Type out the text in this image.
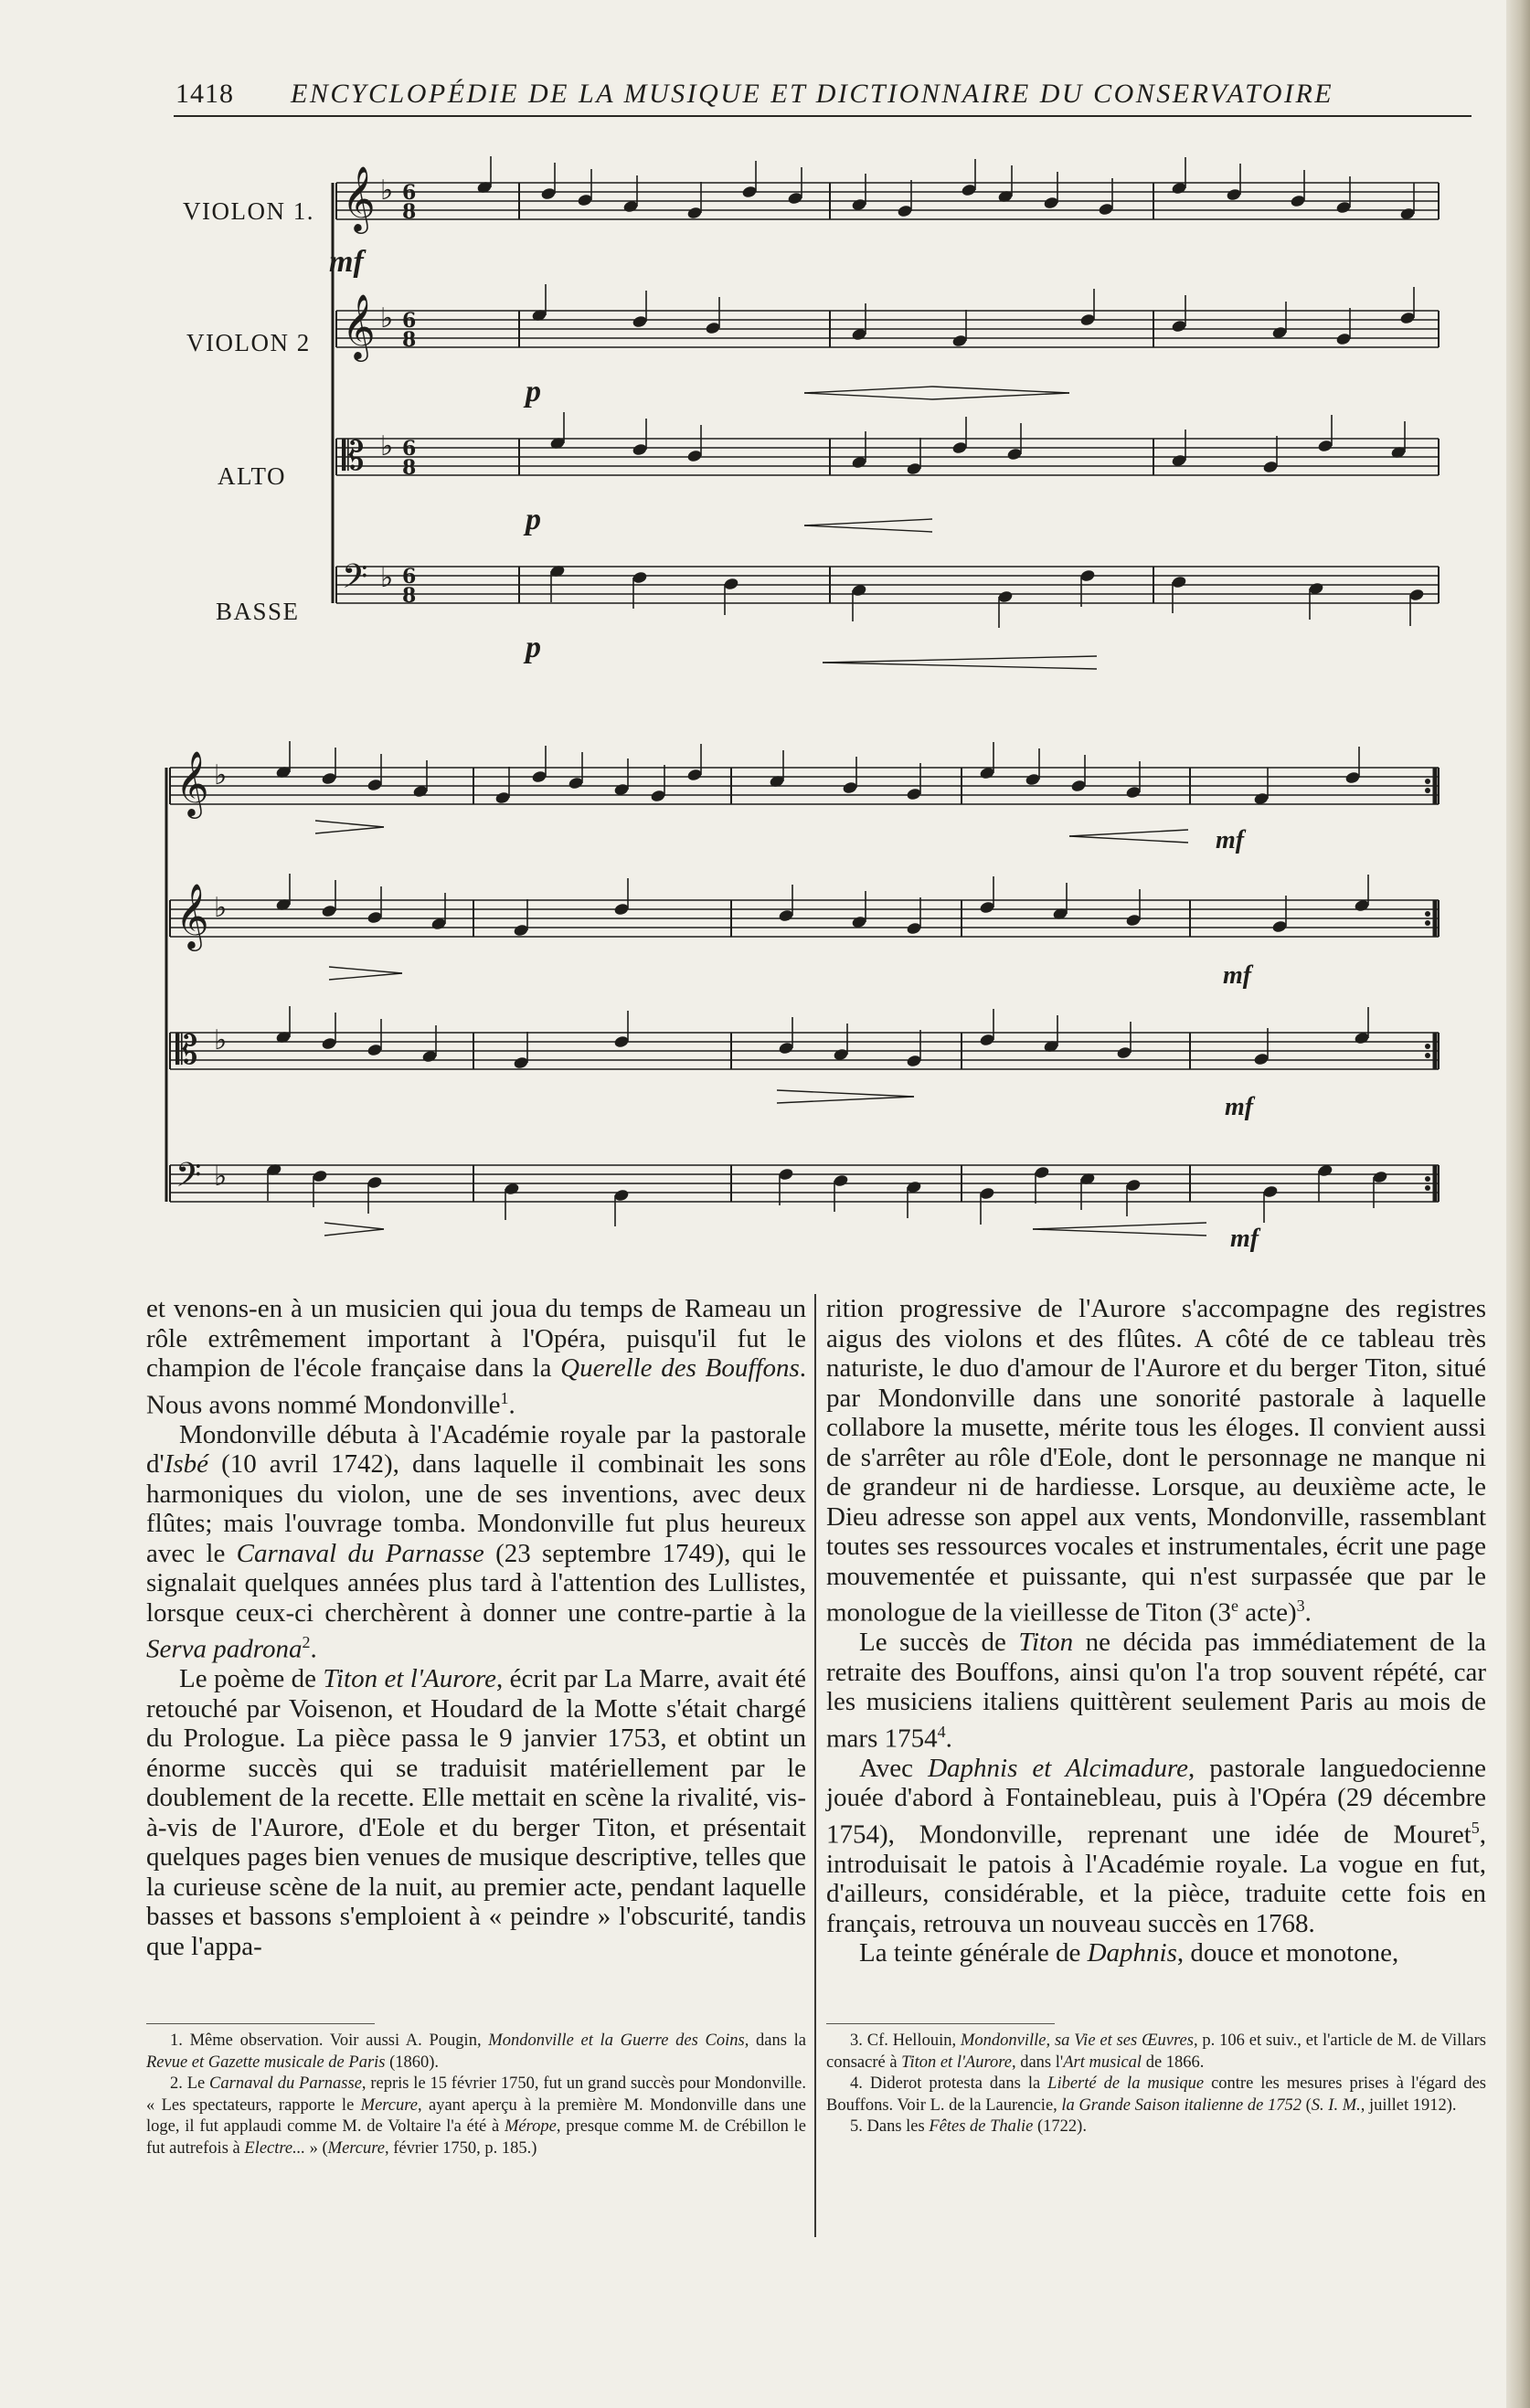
1418 ENCYCLOPÉDIE DE LA MUSIQUE ET DICTIONNAIRE DU CONSERVATOIRE
VIOLON 1.
VIOLON 2
ALTO
BASSE
mf
p
p
p
mf
mf
mf
mf
𝄞 ♭ 6
8
𝄞 ♭ 6
8
𝄡 ♭ 6
8
𝄢 ♭ 6
8
𝄞 ♭
𝄞 ♭
𝄡 ♭
𝄢 ♭

et venons-en à un musicien qui joua du temps de Rameau un rôle extrêmement important à l'Opéra, puisqu'il fut le champion de l'école française dans la Querelle des Bouffons. Nous avons nommé Mondonville$^1$.

Mondonville débuta à l'Académie royale par la pastorale d'Isbé (10 avril 1742), dans laquelle il combinait les sons harmoniques du violon, une de ses inventions, avec deux flûtes; mais l'ouvrage tomba. Mondonville fut plus heureux avec le Carnaval du Parnasse (23 septembre 1749), qui le signalait quelques années plus tard à l'attention des Lullistes, lorsque ceux-ci cherchèrent à donner une contre-partie à la Serva padrona$^2$.

Le poème de Titon et l'Aurore, écrit par La Marre, avait été retouché par Voisenon, et Houdard de la Motte s'était chargé du Prologue. La pièce passa le 9 janvier 1753, et obtint un énorme succès qui se traduisit matériellement par le doublement de la recette. Elle mettait en scène la rivalité, vis-à-vis de l'Aurore, d'Eole et du berger Titon, et présentait quelques pages bien venues de musique descriptive, telles que la curieuse scène de la nuit, au premier acte, pendant laquelle basses et bassons s'emploient à « peindre » l'obscurité, tandis que l'appa-

rition progressive de l'Aurore s'accompagne des registres aigus des violons et des flûtes. A côté de ce tableau très naturiste, le duo d'amour de l'Aurore et du berger Titon, situé par Mondonville dans une sonorité pastorale à laquelle collabore la musette, mérite tous les éloges. Il convient aussi de s'arrêter au rôle d'Eole, dont le personnage ne manque ni de grandeur ni de hardiesse. Lorsque, au deuxième acte, le Dieu adresse son appel aux vents, Mondonville, rassemblant toutes ses ressources vocales et instrumentales, écrit une page mouvementée et puissante, qui n'est surpassée que par le monologue de la vieillesse de Titon (3e acte)$^3$.

Le succès de Titon ne décida pas immédiatement de la retraite des Bouffons, ainsi qu'on l'a trop souvent répété, car les musiciens italiens quittèrent seulement Paris au mois de mars 1754$^4$.

Avec Daphnis et Alcimadure, pastorale languedocienne jouée d'abord à Fontainebleau, puis à l'Opéra (29 décembre 1754), Mondonville, reprenant une idée de Mouret$^5$, introduisait le patois à l'Académie royale. La vogue en fut, d'ailleurs, considérable, et la pièce, traduite cette fois en français, retrouva un nouveau succès en 1768.

La teinte générale de Daphnis, douce et monotone,

1. Même observation. Voir aussi A. Pougin, Mondonville et la Guerre des Coins, dans la Revue et Gazette musicale de Paris (1860).

2. Le Carnaval du Parnasse, repris le 15 février 1750, fut un grand succès pour Mondonville. « Les spectateurs, rapporte le Mercure, ayant aperçu à la première M. Mondonville dans une loge, il fut applaudi comme M. de Voltaire l'a été à Mérope, presque comme M. de Crébillon le fut autrefois à Electre... » (Mercure, février 1750, p. 185.)

3. Cf. Hellouin, Mondonville, sa Vie et ses Œuvres, p. 106 et suiv., et l'article de M. de Villars consacré à Titon et l'Aurore, dans l'Art musical de 1866.

4. Diderot protesta dans la Liberté de la musique contre les mesures prises à l'égard des Bouffons. Voir L. de la Laurencie, la Grande Saison italienne de 1752 (S. I. M., juillet 1912).

5. Dans les Fêtes de Thalie (1722).
